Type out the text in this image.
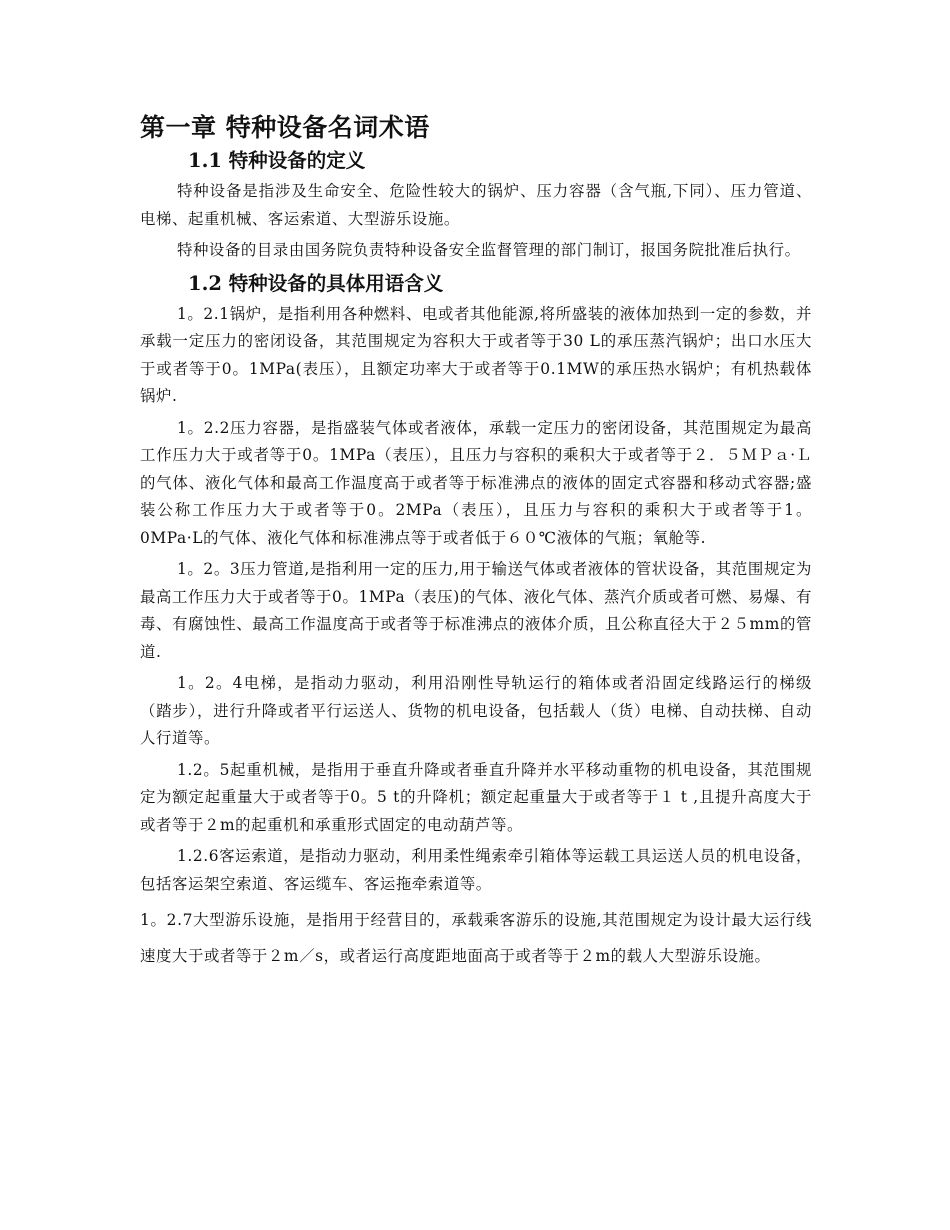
第一章 特种设备名词术语
1.1 特种设备的定义

特种设备是指涉及生命安全、危险性较大的锅炉、压力容器（含气瓶,下同）、压力管道、电梯、起重机械、客运索道、大型游乐设施。

特种设备的目录由国务院负责特种设备安全监督管理的部门制订，报国务院批准后执行。

1.2 特种设备的具体用语含义

1。2.1锅炉，是指利用各种燃料、电或者其他能源,将所盛装的液体加热到一定的参数，并承载一定压力的密闭设备，其范围规定为容积大于或者等于30 L的承压蒸汽锅炉；出口水压大于或者等于0。1MPa(表压），且额定功率大于或者等于0.1MW的承压热水锅炉；有机热载体锅炉.

1。2.2压力容器，是指盛装气体或者液体，承载一定压力的密闭设备，其范围规定为最高工作压力大于或者等于0。1MPa（表压），且压力与容积的乘积大于或者等于２．５ＭＰａ·Ｌ的气体、液化气体和最高工作温度高于或者等于标准沸点的液体的固定式容器和移动式容器;盛装公称工作压力大于或者等于0。2MPa（表压），且压力与容积的乘积大于或者等于1。0MPa·L的气体、液化气体和标准沸点等于或者低于６０℃液体的气瓶；氧舱等.

1。2。3压力管道,是指利用一定的压力,用于输送气体或者液体的管状设备，其范围规定为最高工作压力大于或者等于0。1MPa（表压)的气体、液化气体、蒸汽介质或者可燃、易爆、有毒、有腐蚀性、最高工作温度高于或者等于标准沸点的液体介质，且公称直径大于２５mm的管道.

1。2。4电梯，是指动力驱动，利用沿刚性导轨运行的箱体或者沿固定线路运行的梯级（踏步），进行升降或者平行运送人、货物的机电设备，包括载人（货）电梯、自动扶梯、自动人行道等。

1.2。5起重机械，是指用于垂直升降或者垂直升降并水平移动重物的机电设备，其范围规定为额定起重量大于或者等于0。5 t的升降机；额定起重量大于或者等于１ t ,且提升高度大于或者等于２m的起重机和承重形式固定的电动葫芦等。

1.2.6客运索道，是指动力驱动，利用柔性绳索牵引箱体等运载工具运送人员的机电设备，包括客运架空索道、客运缆车、客运拖牵索道等。

1。2.7大型游乐设施，是指用于经营目的，承载乘客游乐的设施,其范围规定为设计最大运行线速度大于或者等于２m／s，或者运行高度距地面高于或者等于２m的载人大型游乐设施。
